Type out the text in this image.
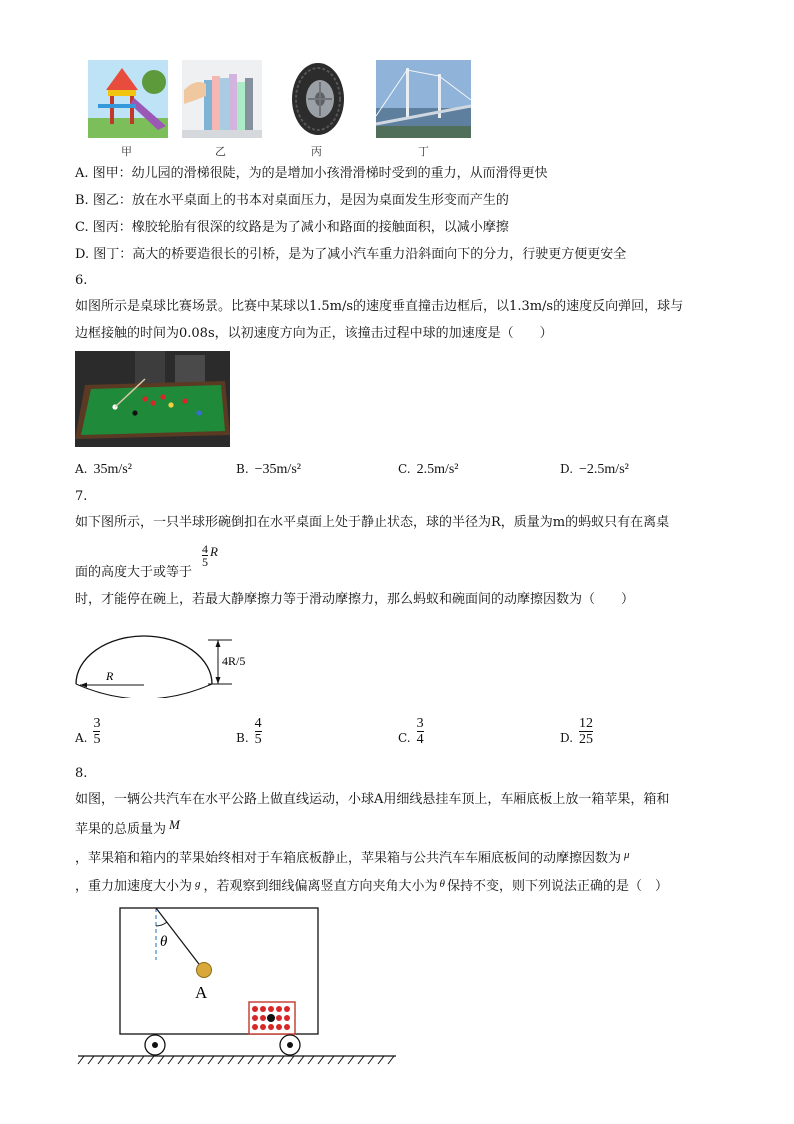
甲	乙	丙	丁
A. 图甲：幼儿园的滑梯很陡，为的是增加小孩滑滑梯时受到的重力，从而滑得更快
B. 图乙：放在水平桌面上的书本对桌面压力，是因为桌面发生形变而产生的
C. 图丙：橡胶轮胎有很深的纹路是为了减小和路面的接触面积，以减小摩擦
D. 图丁：高大的桥要造很长的引桥，是为了减小汽车重力沿斜面向下的分力，行驶更方便更安全
6.
如图所示是桌球比赛场景。比赛中某球以1.5m/s的速度垂直撞击边框后，以1.3m/s的速度反向弹回，球与
边框接触的时间为0.08s，以初速度方向为正，该撞击过程中球的加速度是（　　）
A. 35m/s²	B. −35m/s²	C. 2.5m/s²	D. −2.5m/s²
7.
如下图所示，一只半球形碗倒扣在水平桌面上处于静止状态，球的半径为R，质量为m的蚂蚁只有在离桌
面的高度大于或等于
$\frac{4}{5}$ R
时，才能停在碗上，若最大静摩擦力等于滑动摩擦力，那么蚂蚁和碗面间的动摩擦因数为（　　）
R
4R/5
A. $\frac{3}{5}$	B. $\frac{4}{5}$	C. $\frac{3}{4}$	D. $\frac{12}{25}$
8.
如图，一辆公共汽车在水平公路上做直线运动，小球A用细线悬挂车顶上，车厢底板上放一箱苹果，箱和
苹果的总质量为 M
，苹果箱和箱内的苹果始终相对于车箱底板静止，苹果箱与公共汽车车厢底板间的动摩擦因数为 $^\mu$
，重力加速度大小为 $^g$ ，若观察到细线偏离竖直方向夹角大小为 $^\theta$ 保持不变，则下列说法正确的是（　）
θ
A
